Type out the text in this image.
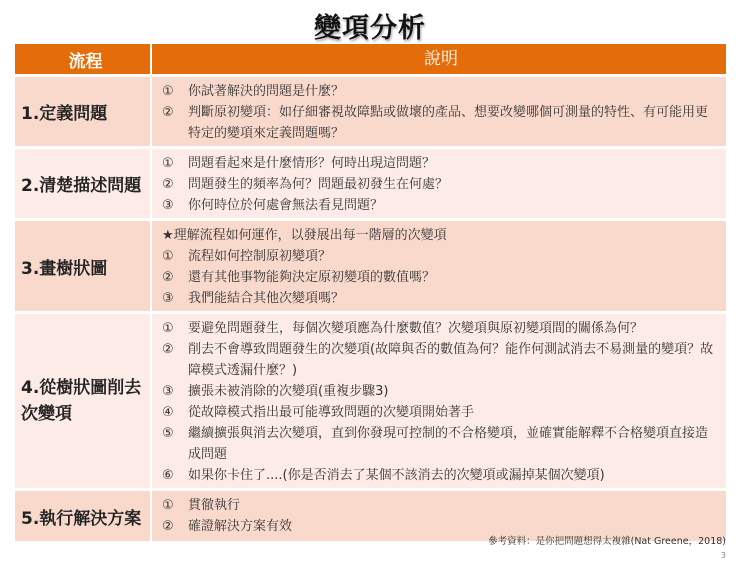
變項分析
流程	說明
1.定義問題
①	你試著解決的問題是什麼？
②	判斷原初變項：如仔細審視故障點或做壞的產品、想要改變哪個可測量的特性、有可能用更特定的變項來定義問題嗎？
2.清楚描述問題
①	問題看起來是什麼情形？何時出現這問題？
②	問題發生的頻率為何？問題最初發生在何處？
③	你何時位於何處會無法看見問題？
3.畫樹狀圖
★理解流程如何運作，以發展出每一階層的次變項
①	流程如何控制原初變項？
②	還有其他事物能夠決定原初變項的數值嗎？
③	我們能結合其他次變項嗎？
4.從樹狀圖削去次變項
①	要避免問題發生，每個次變項應為什麼數值？次變項與原初變項間的關係為何？
②	削去不會導致問題發生的次變項(故障與否的數值為何？能作何測試消去不易測量的變項？故障模式透漏什麼？)
③	擴張未被消除的次變項(重複步驟3)
④	從故障模式指出最可能導致問題的次變項開始著手
⑤	繼續擴張與消去次變項，直到你發現可控制的不合格變項，並確實能解釋不合格變項直接造成問題
⑥	如果你卡住了....(你是否消去了某個不該消去的次變項或漏掉某個次變項)
5.執行解決方案
①	貫徹執行
②	確證解決方案有效
參考資料：是你把問題想得太複雜(Nat Greene，2018)
3
